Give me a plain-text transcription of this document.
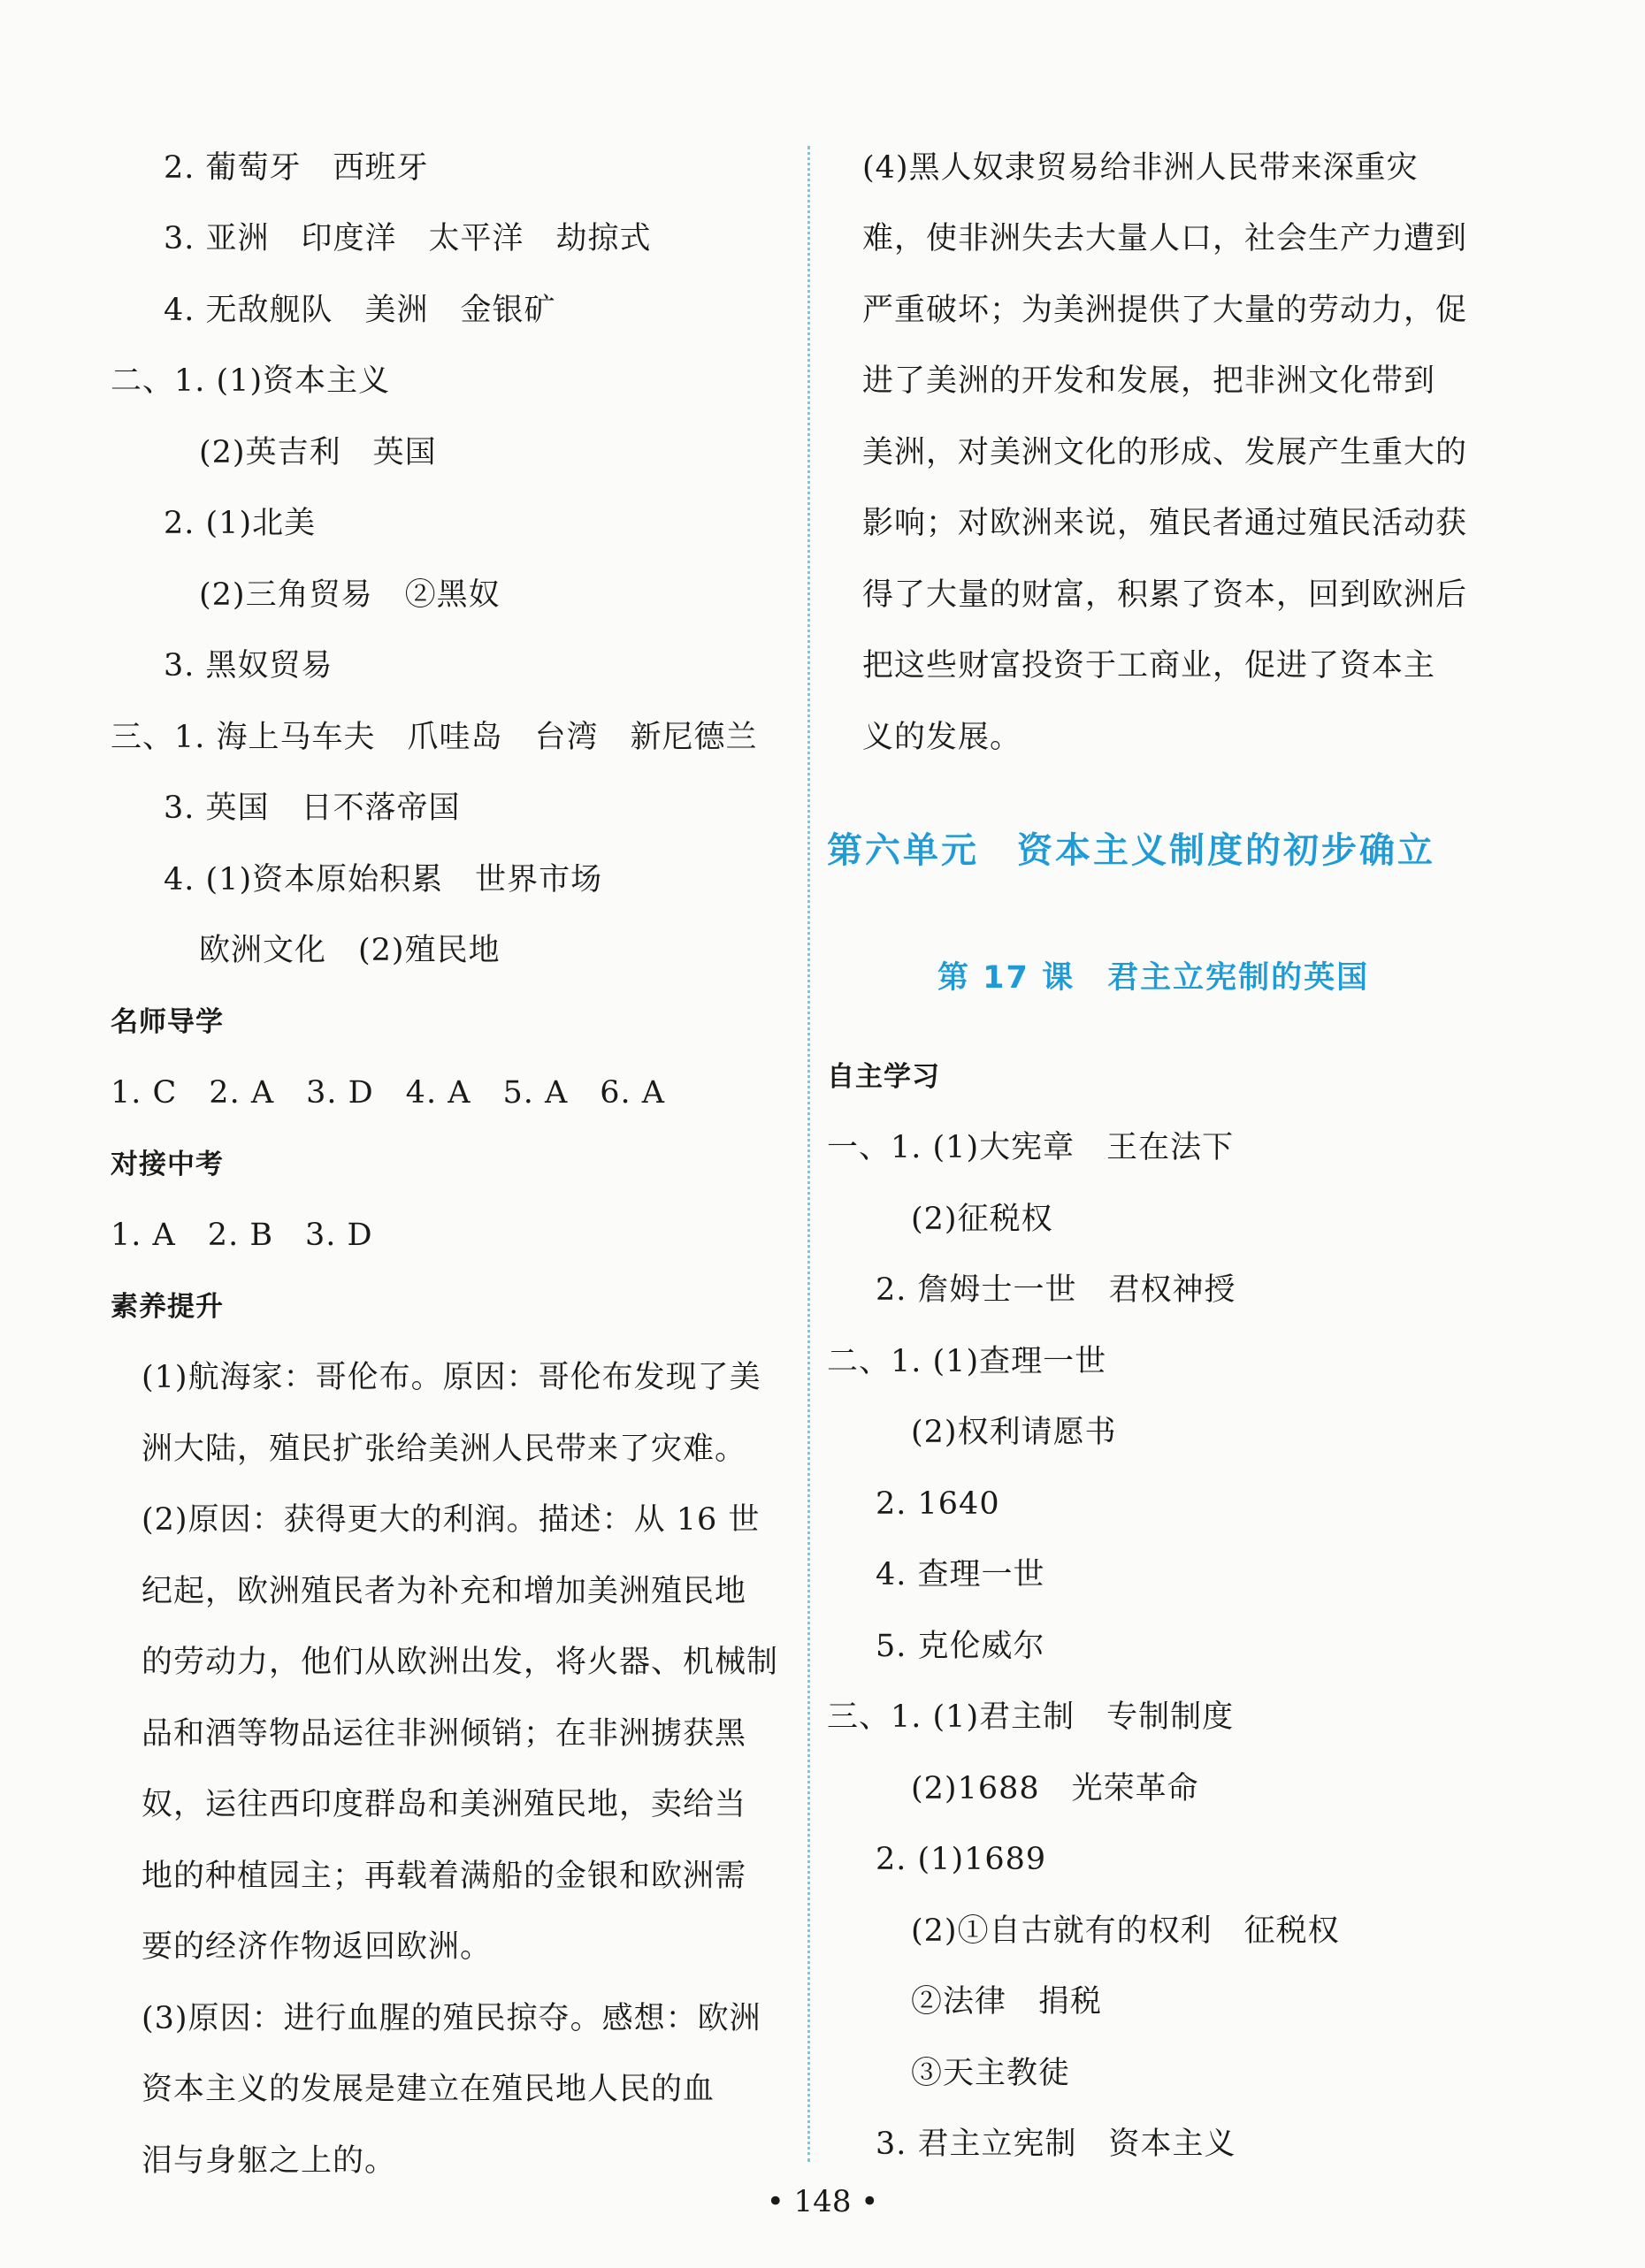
2. 葡萄牙　西班牙
3. 亚洲　印度洋　太平洋　劫掠式
4. 无敌舰队　美洲　金银矿
二、1. (1)资本主义
(2)英吉利　英国
2. (1)北美
(2)三角贸易　②黑奴
3. 黑奴贸易
三、1. 海上马车夫　爪哇岛　台湾　新尼德兰
3. 英国　日不落帝国
4. (1)资本原始积累　世界市场
欧洲文化　(2)殖民地
名师导学
1. C　2. A　3. D　4. A　5. A　6. A
对接中考
1. A　2. B　3. D
素养提升
(1)航海家：哥伦布。原因：哥伦布发现了美
洲大陆，殖民扩张给美洲人民带来了灾难。
(2)原因：获得更大的利润。描述：从 16 世
纪起，欧洲殖民者为补充和增加美洲殖民地
的劳动力，他们从欧洲出发，将火器、机械制
品和酒等物品运往非洲倾销；在非洲掳获黑
奴，运往西印度群岛和美洲殖民地，卖给当
地的种植园主；再载着满船的金银和欧洲需
要的经济作物返回欧洲。
(3)原因：进行血腥的殖民掠夺。感想：欧洲
资本主义的发展是建立在殖民地人民的血
泪与身躯之上的。
(4)黑人奴隶贸易给非洲人民带来深重灾
难，使非洲失去大量人口，社会生产力遭到
严重破坏；为美洲提供了大量的劳动力，促
进了美洲的开发和发展，把非洲文化带到
美洲，对美洲文化的形成、发展产生重大的
影响；对欧洲来说，殖民者通过殖民活动获
得了大量的财富，积累了资本，回到欧洲后
把这些财富投资于工商业，促进了资本主
义的发展。
第六单元　资本主义制度的初步确立
第 17 课　君主立宪制的英国
自主学习
一、1. (1)大宪章　王在法下
(2)征税权
2. 詹姆士一世　君权神授
二、1. (1)查理一世
(2)权利请愿书
2. 1640
4. 查理一世
5. 克伦威尔
三、1. (1)君主制　专制制度
(2)1688　光荣革命
2. (1)1689
(2)①自古就有的权利　征税权
②法律　捐税
③天主教徒
3. 君主立宪制　资本主义
• 148 •
